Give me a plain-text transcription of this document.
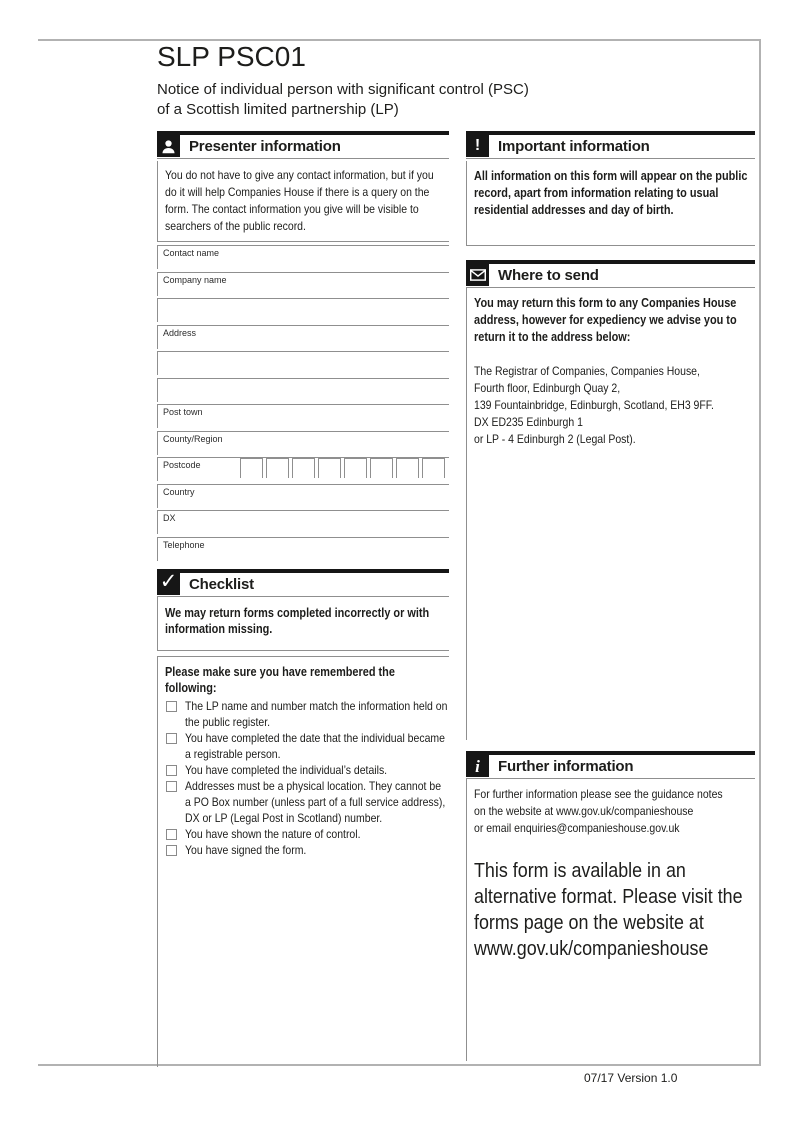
SLP PSC01
Notice of individual person with significant control (PSC)
of a Scottish limited partnership (LP)
Presenter information
You do not have to give any contact information, but if you do it will help Companies House if there is a query on the form. The contact information you give will be visible to searchers of the public record.
Contact name
Company name
Address
Post town
County/Region
Postcode
Country
DX
Telephone
✓ Checklist
We may return forms completed incorrectly or with information missing.
Please make sure you have remembered the following:
The LP name and number match the information held on the public register.
You have completed the date that the individual became a registrable person.
You have completed the individual’s details.
Addresses must be a physical location. They cannot be a PO Box number (unless part of a full service address), DX or LP (Legal Post in Scotland) number.
You have shown the nature of control.
You have signed the form.
! Important information
All information on this form will appear on the public record, apart from information relating to usual residential addresses and day of birth.
Where to send
You may return this form to any Companies House address, however for expediency we advise you to return it to the address below:
The Registrar of Companies, Companies House,
Fourth floor, Edinburgh Quay 2,
139 Fountainbridge, Edinburgh, Scotland, EH3 9FF.
DX ED235 Edinburgh 1
or LP - 4 Edinburgh 2 (Legal Post).
i Further information
For further information please see the guidance notes
on the website at www.gov.uk/companieshouse
or email enquiries@companieshouse.gov.uk
This form is available in an alternative format. Please visit the forms page on the website at www.gov.uk/companieshouse
07/17 Version 1.0
